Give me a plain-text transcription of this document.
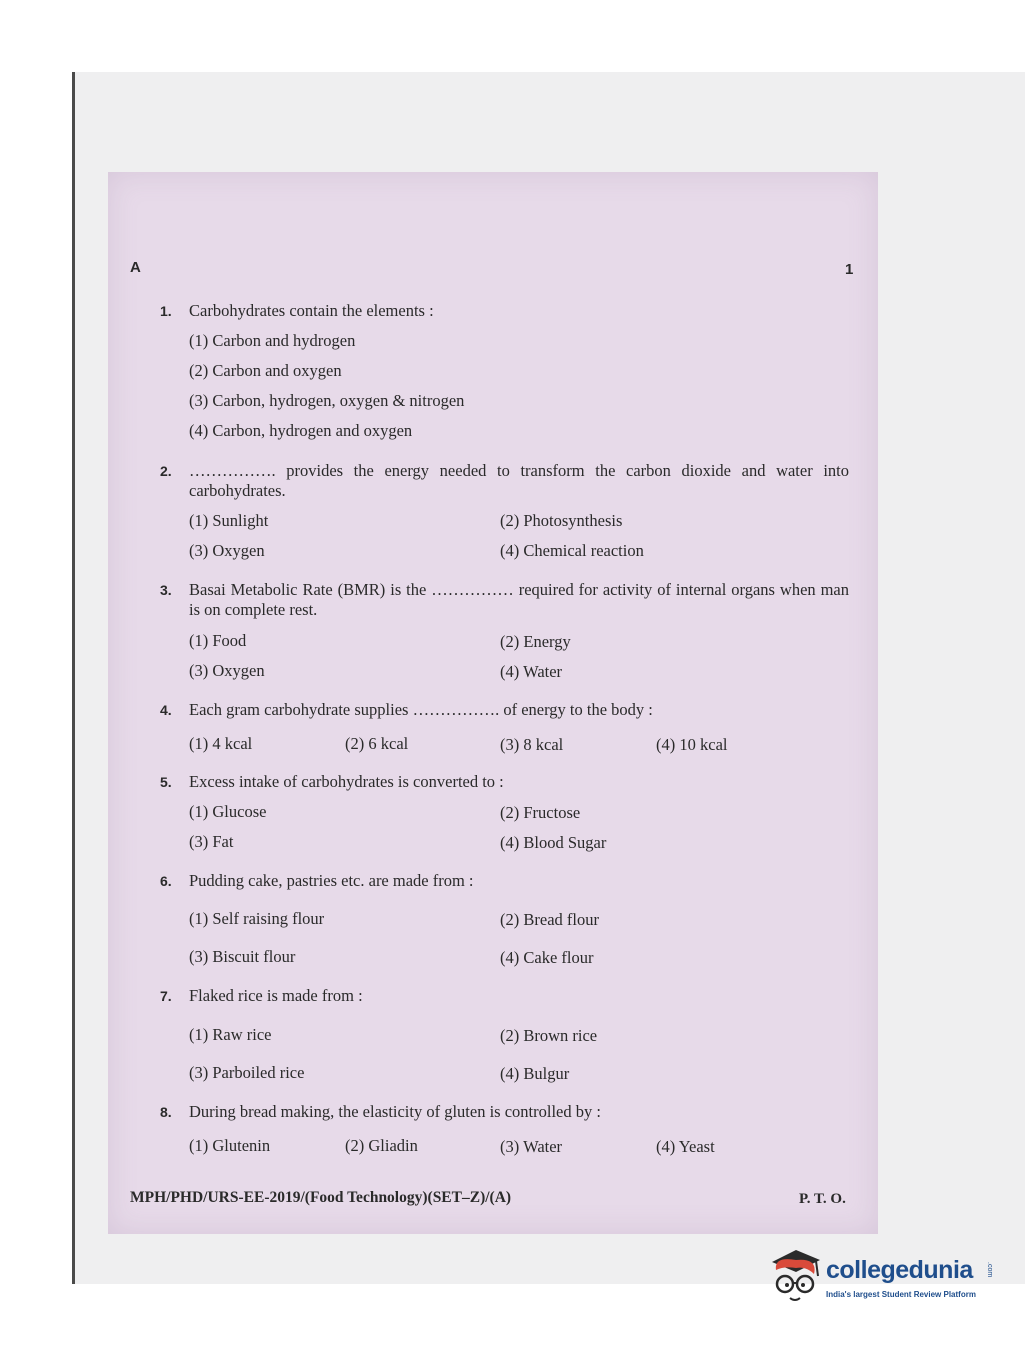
A	1
1. Carbohydrates contain the elements :
(1) Carbon and hydrogen
(2) Carbon and oxygen
(3) Carbon, hydrogen, oxygen & nitrogen
(4) Carbon, hydrogen and oxygen
2. ……………. provides the energy needed to transform the carbon dioxide and water into carbohydrates.
(1) Sunlight	(2) Photosynthesis
(3) Oxygen	(4) Chemical reaction
3. Basai Metabolic Rate (BMR) is the …………… required for activity of internal organs when man is on complete rest.
(1) Food	(2) Energy
(3) Oxygen	(4) Water
4. Each gram carbohydrate supplies ……………. of energy to the body :
(1) 4 kcal	(2) 6 kcal	(3) 8 kcal	(4) 10 kcal
5. Excess intake of carbohydrates is converted to :
(1) Glucose	(2) Fructose
(3) Fat	(4) Blood Sugar
6. Pudding cake, pastries etc. are made from :
(1) Self raising flour	(2) Bread flour
(3) Biscuit flour	(4) Cake flour
7. Flaked rice is made from :
(1) Raw rice	(2) Brown rice
(3) Parboiled rice	(4) Bulgur
8. During bread making, the elasticity of gluten is controlled by :
(1) Glutenin	(2) Gliadin	(3) Water	(4) Yeast
MPH/PHD/URS-EE-2019/(Food Technology)(SET–Z)/(A)	P. T. O.
collegedunia .com
India's largest Student Review Platform
